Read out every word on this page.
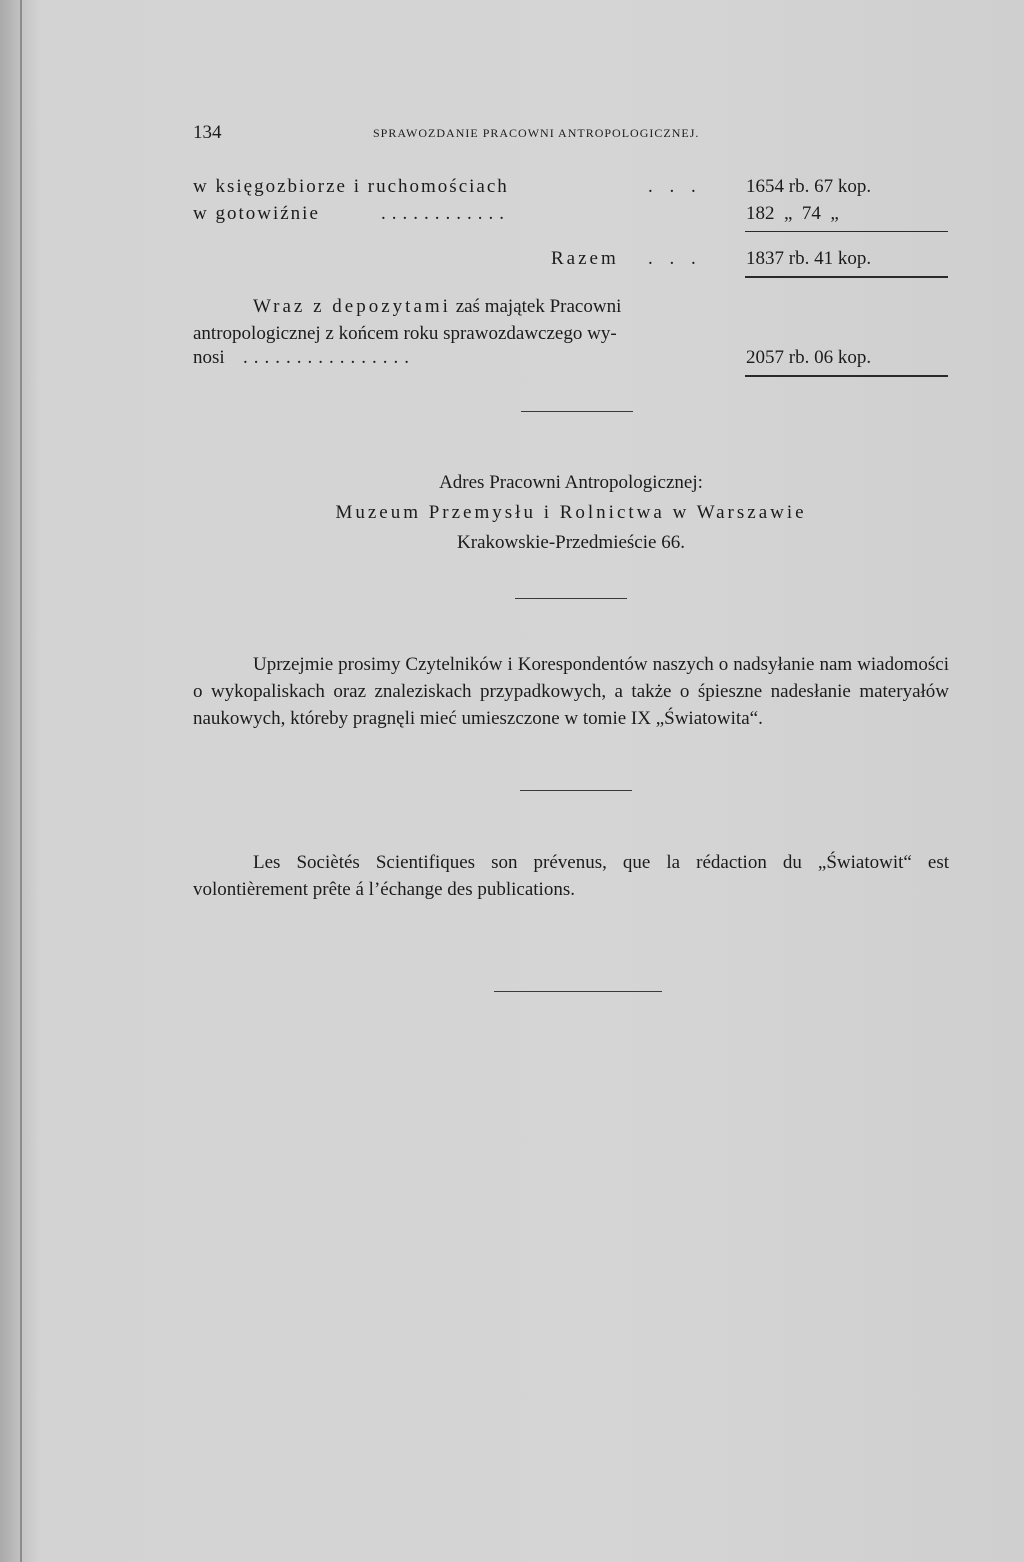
134	SPRAWOZDANIE PRACOWNI ANTROPOLOGICZNEJ.
w księgozbiorze i ruchomościach	. . . 1654 rb. 67 kop.
w gotowiźnie	............	182  „  74  „
Razem . . . 1837 rb. 41 kop.

Wraz z depozytami zaś majątek Pracowni

antropologicznej z końcem roku sprawozdawczego wy-

nosi ................	2057 rb. 06 kop.
Adres Pracowni Antropologicznej:
Muzeum Przemysłu i Rolnictwa w Warszawie
Krakowskie-Przedmieście 66.

Uprzejmie prosimy Czytelników i Korespondentów naszych o nadsyłanie nam wiadomości o wykopaliskach oraz znaleziskach przypadkowych, a także o śpieszne nadesłanie materyałów naukowych, któreby pragnęli mieć umieszczone w tomie IX „Światowita“.

Les Sociètés Scientifiques son prévenus, que la rédaction du „Światowit“ est volontièrement prête á l’échange des publications.
